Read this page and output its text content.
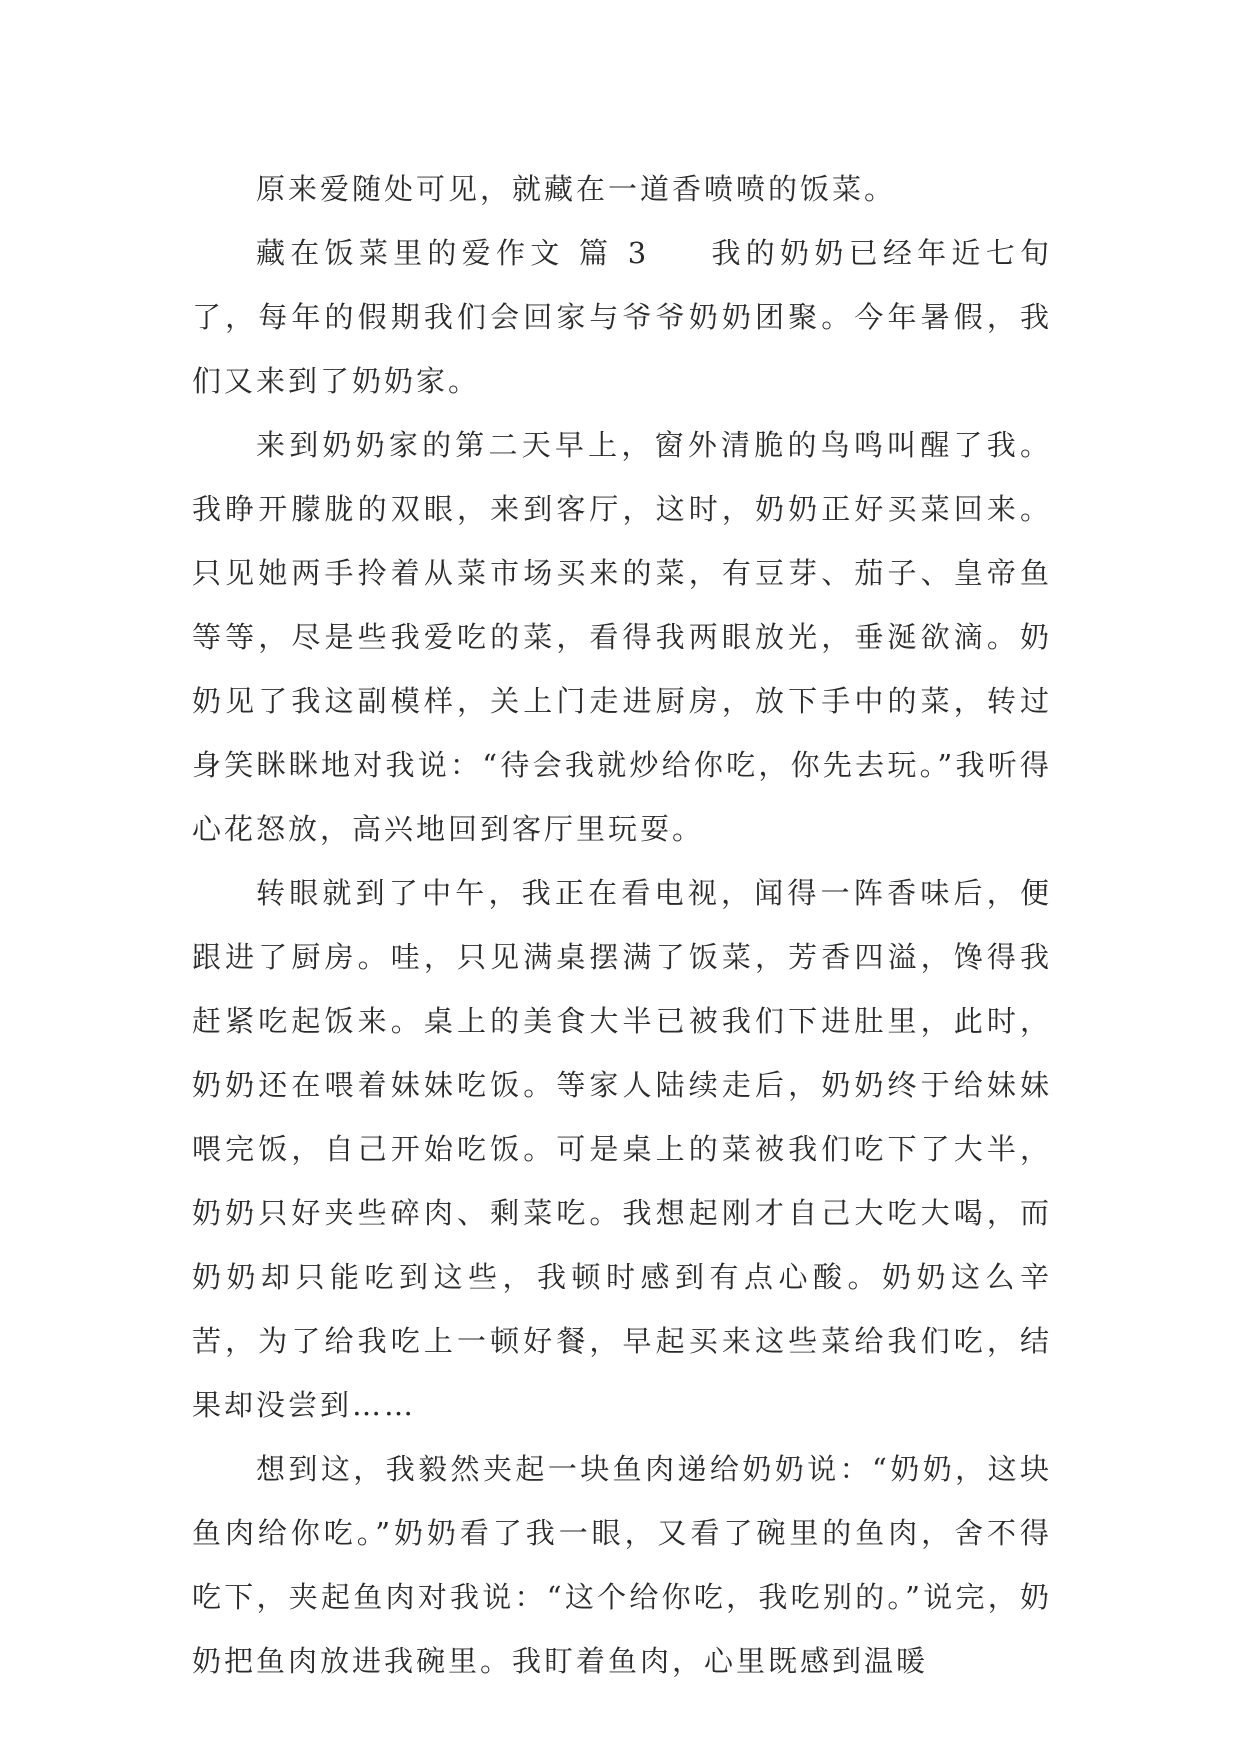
原来爱随处可见，就藏在一道香喷喷的饭菜。

藏在饭菜里的爱作文 篇 3 我的奶奶已经年近七旬了，每年的假期我们会回家与爷爷奶奶团聚。今年暑假，我们又来到了奶奶家。

来到奶奶家的第二天早上，窗外清脆的鸟鸣叫醒了我。我睁开朦胧的双眼，来到客厅，这时，奶奶正好买菜回来。只见她两手拎着从菜市场买来的菜，有豆芽、茄子、皇帝鱼等等，尽是些我爱吃的菜，看得我两眼放光，垂涎欲滴。奶奶见了我这副模样，关上门走进厨房，放下手中的菜，转过身笑眯眯地对我说：“待会我就炒给你吃，你先去玩。”我听得心花怒放，高兴地回到客厅里玩耍。

转眼就到了中午，我正在看电视，闻得一阵香味后，便跟进了厨房。哇，只见满桌摆满了饭菜，芳香四溢，馋得我赶紧吃起饭来。桌上的美食大半已被我们下进肚里，此时，奶奶还在喂着妹妹吃饭。等家人陆续走后，奶奶终于给妹妹喂完饭，自己开始吃饭。可是桌上的菜被我们吃下了大半，奶奶只好夹些碎肉、剩菜吃。我想起刚才自己大吃大喝，而奶奶却只能吃到这些，我顿时感到有点心酸。奶奶这么辛苦，为了给我吃上一顿好餐，早起买来这些菜给我们吃，结果却没尝到……

想到这，我毅然夹起一块鱼肉递给奶奶说：“奶奶，这块鱼肉给你吃。”奶奶看了我一眼，又看了碗里的鱼肉，舍不得吃下，夹起鱼肉对我说：“这个给你吃，我吃别的。”说完，奶奶把鱼肉放进我碗里。我盯着鱼肉，心里既感到温暖
